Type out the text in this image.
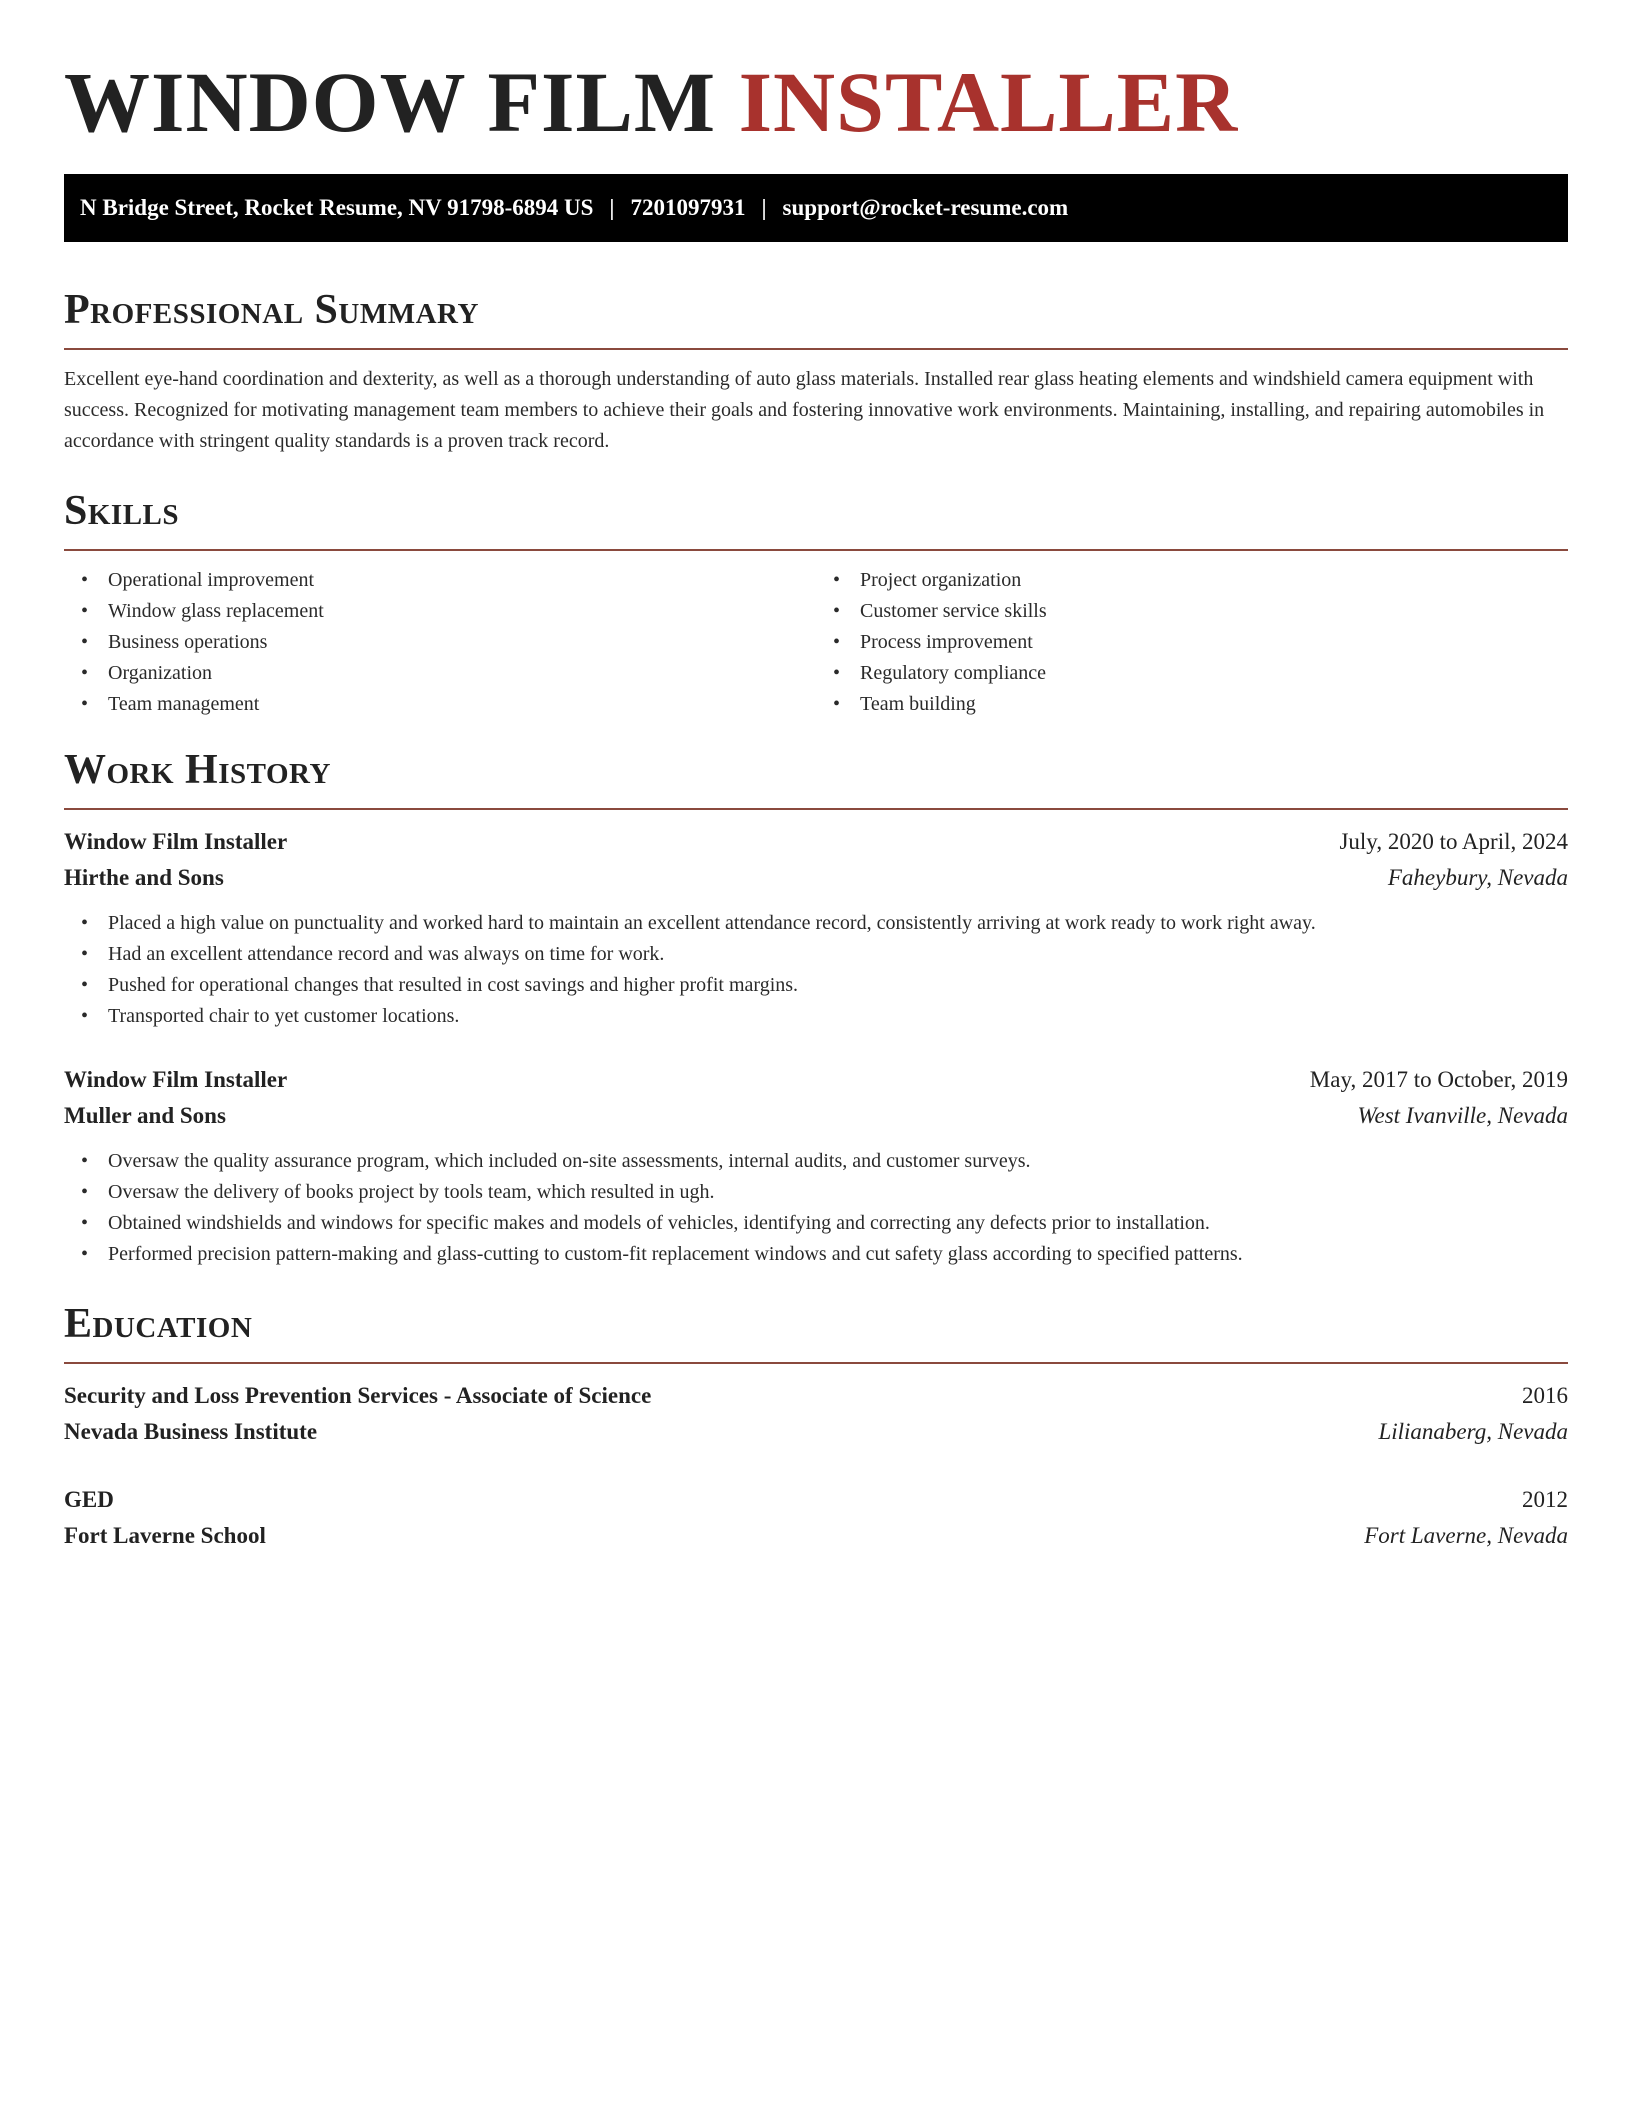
WINDOW FILM INSTALLER
N Bridge Street, Rocket Resume, NV 91798-6894 US | 7201097931 | support@rocket-resume.com
Professional Summary

Excellent eye-hand coordination and dexterity, as well as a thorough understanding of auto glass materials. Installed rear glass heating elements and windshield camera equipment with success. Recognized for motivating management team members to achieve their goals and fostering innovative work environments. Maintaining, installing, and repairing automobiles in accordance with stringent quality standards is a proven track record.

Skills
• Operational improvement
• Window glass replacement
• Business operations
• Organization
• Team management
• Project organization
• Customer service skills
• Process improvement
• Regulatory compliance
• Team building
Work History
Window Film Installer	July, 2020 to April, 2024
Hirthe and Sons	Faheybury, Nevada
• Placed a high value on punctuality and worked hard to maintain an excellent attendance record, consistently arriving at work ready to work right away.
• Had an excellent attendance record and was always on time for work.
• Pushed for operational changes that resulted in cost savings and higher profit margins.
• Transported chair to yet customer locations.
Window Film Installer	May, 2017 to October, 2019
Muller and Sons	West Ivanville, Nevada
• Oversaw the quality assurance program, which included on-site assessments, internal audits, and customer surveys.
• Oversaw the delivery of books project by tools team, which resulted in ugh.
• Obtained windshields and windows for specific makes and models of vehicles, identifying and correcting any defects prior to installation.
• Performed precision pattern-making and glass-cutting to custom-fit replacement windows and cut safety glass according to specified patterns.
Education
Security and Loss Prevention Services - Associate of Science	2016
Nevada Business Institute	Lilianaberg, Nevada
GED	2012
Fort Laverne School	Fort Laverne, Nevada
